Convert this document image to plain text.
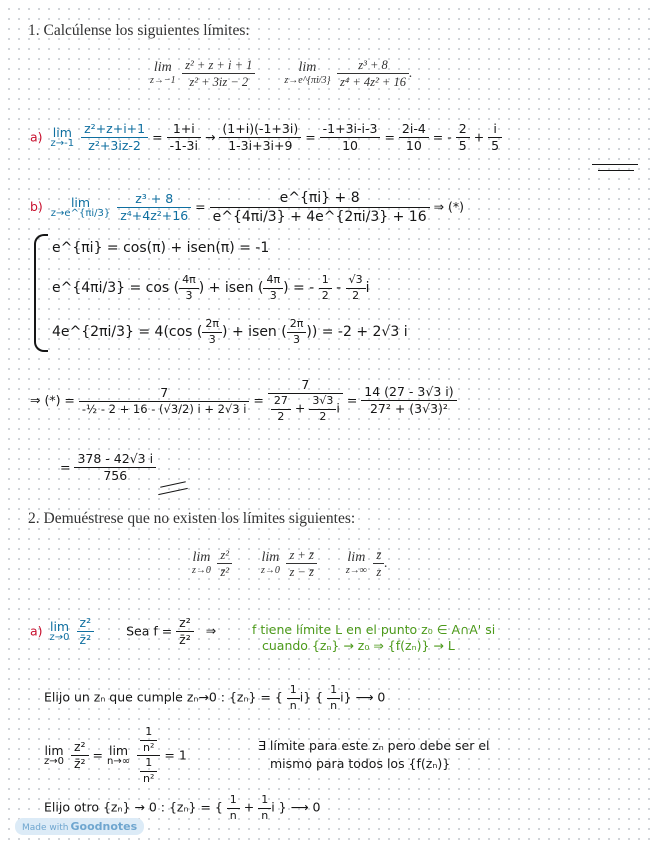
1. Calcúlense los siguientes límites:
lim
z→−1
$\frac{\text{z² + z + i + 1}}{\text{z² + 3iz − 2}}$	lim
z→e^{πi/3}
$\frac{\text{z³ + 8}}{\text{z⁴ + 4z² + 16}}$ .
a) lim
z→-1
$\frac{\text{z²+z+i+1}}{\text{z²+3iz-2}} = \frac{1+i}{-1-3i} \to \frac{(1+i)(-1+3i)}{1-3i+3i+9} = \frac{-1+3i-i-3}{10} = \frac{2i-4}{10}$ = - $\frac{2}{5} + \frac{i}{5}$
b) lim
z→e^{πi/3}
$\frac{\text{z³ + 8}}{\text{z⁴+4z²+16}} = \frac{e\^{}\{\pi i\} + 8}{e\^{}\{4\pi i/3\} + 4e\^{}\{2\pi i/3\} + 16}$ ⇒ (*)
e^{πi} = cos(π) + isen(π) = -1
e^{4πi/3} = cos ( $\frac{4\pi}{3}$ ) + isen ( $\frac{4\pi}{3}$ ) = - $\frac{1}{2} - \frac{√3}{2}$ i
4e^{2πi/3} = 4(cos ( $\frac{2\pi}{3}$ ) + isen ( $\frac{2\pi}{3}$ )) = -2 + 2√3 i
⇒ (*) = $\frac{7}{\text{-½ - 2 + 16 - (√3/2) i + 2√3 i}} = \frac{7}{\frac{27}{2} + \frac{3√3}{2} i} = \frac{14 (27 - 3√3 i)}{\text{27² + (3√3)²}}$
= $\frac{378 - 42√3 i}{756}$
2. Demuéstrese que no existen los límites siguientes:
lim
z→0
$\frac{\text{z²}}{\text{z̄²}}$ lim
z→0
$\frac{z + z̄}{z - z̄}$ lim
z→∞
$\frac{z̄}{z}$ .
a) lim
z→0
$\frac{\text{z²}}{\text{z̄²}}$	Sea $f = \frac{\text{z²}}{\text{z̄²}}$ ⇒	f tiene límite L en el punto z₀ ∈ A∩A' si
cuando {zₙ} → z₀ ⇒ {f(zₙ)} → L
Elijo un zₙ que cumple zₙ→0 : {zₙ} = { $\frac{1}{n} i$} { $\frac{1}{n} i$} ⟶ 0
lim
z→0
$\frac{\text{z²}}{\text{z̄²}} = \lim$
n→∞
$\frac{\frac{1}{\text{n²}}}{\frac{1}{\text{n²}}} = 1$
∃ límite para este zₙ pero debe ser el
mismo para todos los {f(zₙ)}
Elijo otro {zₙ} → 0 : {zₙ} = { $\frac{1}{n} + \frac{1}{n}$ i } ⟶ 0
Made with Goodnotes
